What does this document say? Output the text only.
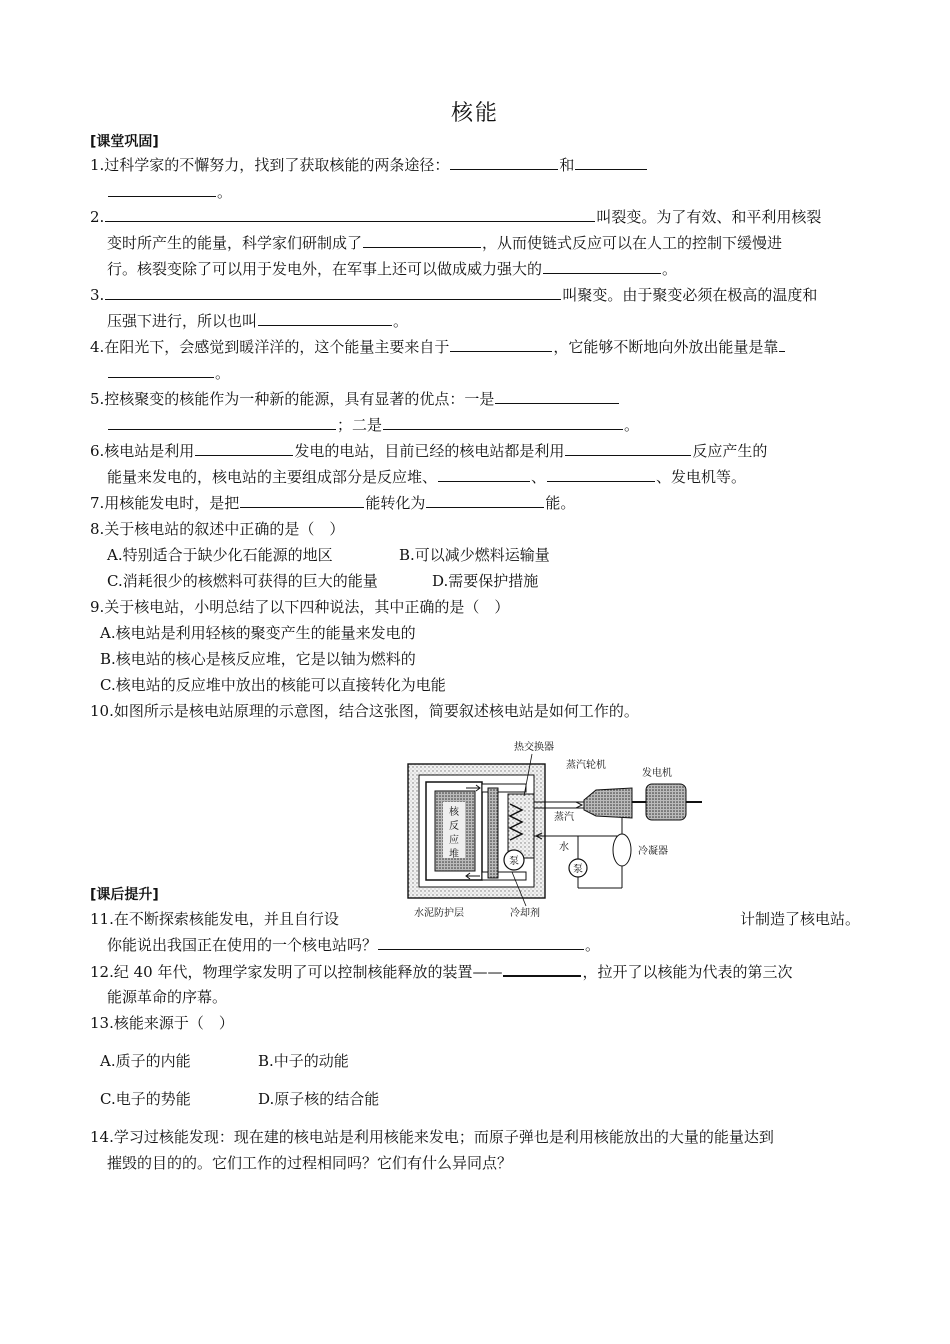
核能
[课堂巩固]
1.过科学家的不懈努力，找到了获取核能的两条途径：	和
。
2.	叫裂变。为了有效、和平利用核裂
变时所产生的能量，科学家们研制成了	，从而使链式反应可以在人工的控制下缓慢进
行。核裂变除了可以用于发电外，在军事上还可以做成威力强大的	。
3.	叫聚变。由于聚变必须在极高的温度和
压强下进行，所以也叫	。
4.在阳光下，会感觉到暖洋洋的，这个能量主要来自于	，它能够不断地向外放出能量是靠
。
5.控核聚变的核能作为一种新的能源，具有显著的优点：一是
；二是	。
6.核电站是利用	发电的电站，目前已经的核电站都是利用	反应产生的
能量来发电的，核电站的主要组成部分是反应堆、	、	、发电机等。
7.用核能发电时，是把	能转化为	能。
8.关于核电站的叙述中正确的是（　）
A.特别适合于缺少化石能源的地区	B.可以减少燃料运输量
C.消耗很少的核燃料可获得的巨大的能量	D.需要保护措施
9.关于核电站，小明总结了以下四种说法，其中正确的是（　）
A.核电站是利用轻核的聚变产生的能量来发电的
B.核电站的核心是核反应堆，它是以铀为燃料的
C.核电站的反应堆中放出的核能可以直接转化为电能
10.如图所示是核电站原理的示意图，结合这张图，简要叙述核电站是如何工作的。
核
反
应
堆
泵
蒸汽
泵
水
热交换器
蒸汽轮机
发电机
冷凝器
水泥防护层	冷却剂
[课后提升]
11.在不断探索核能发电，并且自行设	计制造了核电站。
你能说出我国正在使用的一个核电站吗？	。
12.纪 40 年代，物理学家发明了可以控制核能释放的装置——	，拉开了以核能为代表的第三次
能源革命的序幕。
13.核能来源于（　）
A.质子的内能	B.中子的动能
C.电子的势能	D.原子核的结合能
14.学习过核能发现：现在建的核电站是利用核能来发电；而原子弹也是利用核能放出的大量的能量达到
摧毁的目的的。它们工作的过程相同吗？它们有什么异同点？
